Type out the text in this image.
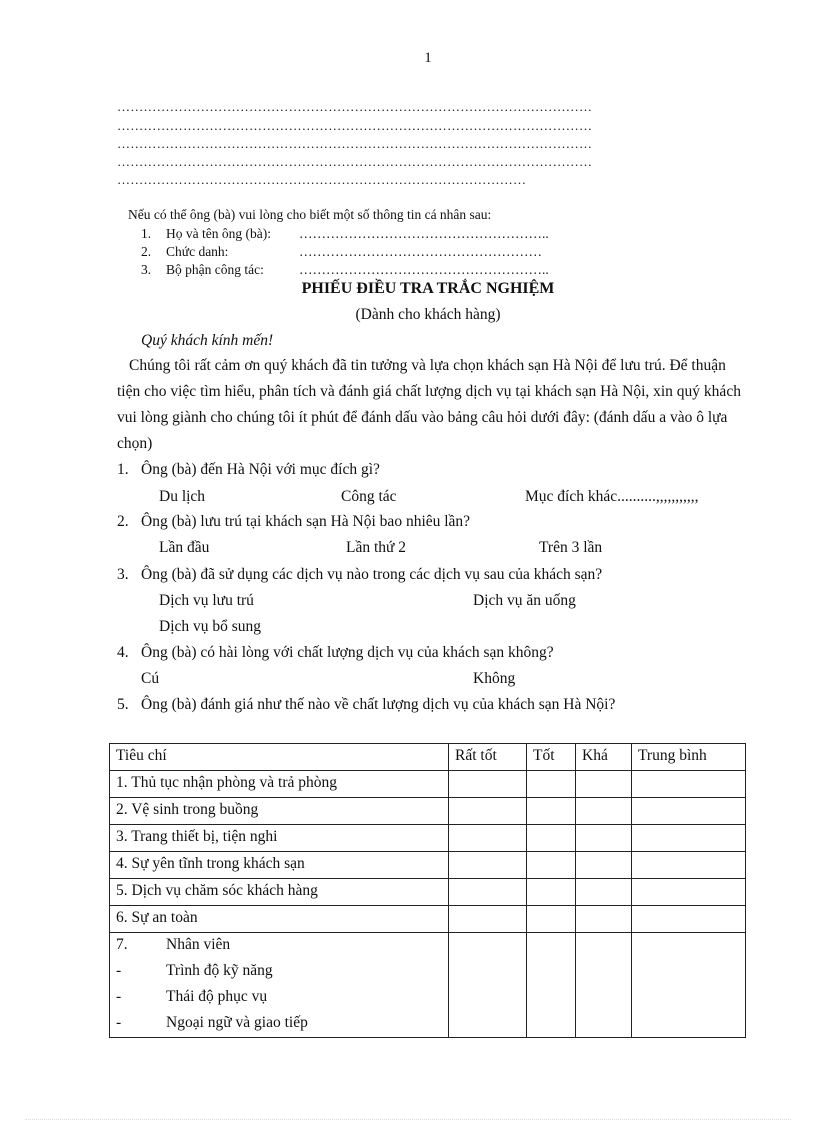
1
………………………………………………………………………………………………
………………………………………………………………………………………………
………………………………………………………………………………………………
………………………………………………………………………………………………
…………………………………………………………………………………
Nếu có thể ông (bà) vui lòng cho biết một số thông tin cá nhân sau:
1. Họ và tên ông (bà): ………………………………………………..
2. Chức danh:	………………………………………………
3. Bộ phận công tác:	………………………………………………..
PHIẾU ĐIỀU TRA TRẮC NGHIỆM
(Dành cho khách hàng)
Quý khách kính mến!
Chúng tôi rất cảm ơn quý khách đã tin tưởng và lựa chọn khách sạn Hà Nội để lưu trú. Để thuận tiện cho việc tìm hiểu, phân tích và đánh giá chất lượng dịch vụ tại khách sạn Hà Nội, xin quý khách vui lòng giành cho chúng tôi ít phút để đánh dấu vào bảng câu hỏi dưới đây: (đánh dấu a vào ô lựa chọn)
1. Ông (bà) đến Hà Nội với mục đích gì?
Du lịch	Công tác	Mục đích khác..........,,,,,,,,,,,
2. Ông (bà) lưu trú tại khách sạn Hà Nội bao nhiêu lần?
Lần đầu	Lần thứ 2	Trên 3 lần
3. Ông (bà) đã sử dụng các dịch vụ nào trong các dịch vụ sau của khách sạn?
Dịch vụ lưu trú	Dịch vụ ăn uống
Dịch vụ bổ sung
4. Ông (bà) có hài lòng với chất lượng dịch vụ của khách sạn không?
Cú	Không
5. Ông (bà) đánh giá như thế nào về chất lượng dịch vụ của khách sạn Hà Nội?
Tiêu chí	Rất tốt	Tốt	Khá	Trung bình
1. Thủ tục nhận phòng và trả phòng				
2. Vệ sinh trong buồng				
3. Trang thiết bị, tiện nghi				
4. Sự yên tĩnh trong khách sạn				
5. Dịch vụ chăm sóc khách hàng				
6. Sự an toàn				

7. Nhân viên
- Trình độ kỹ năng
- Thái độ phục vụ
- Ngoại ngữ và giao tiếp				
